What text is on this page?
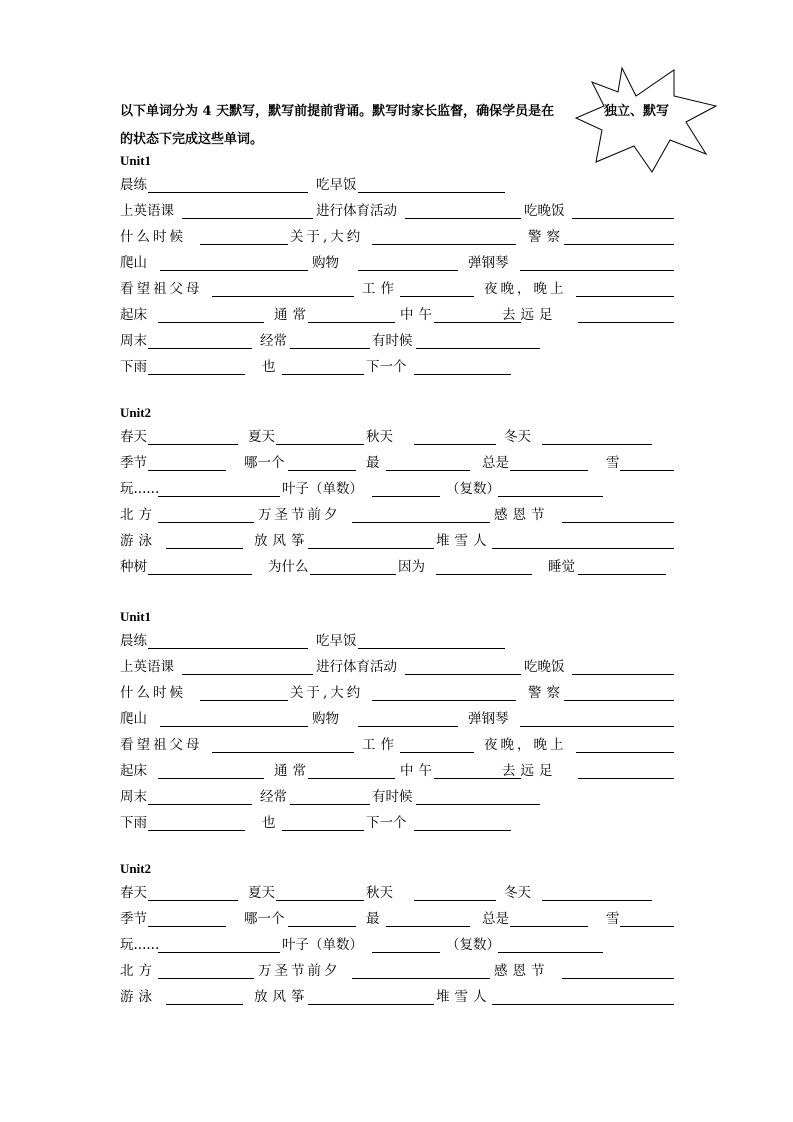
以下单词分为 4 天默写，默写前提前背诵。默写时家长监督，确保学员是在
的状态下完成这些单词。
独立、默写
Unit1
晨练	吃早饭
上英语课	进行体育活动	吃晚饭
什么时候	关于,大约	警察
爬山	购物	弹钢琴
看望祖父母	工作	夜晚，晚上
起床	通常	中午	去远足
周末	经常	有时候
下雨	也	下一个
Unit2
春天	夏天	秋天	冬天
季节	哪一个	最	总是	雪
玩......	叶子（单数）	（复数）
北方	万圣节前夕	感恩节
游泳	放风筝	堆雪人
种树	为什么	因为	睡觉
Unit1
晨练	吃早饭
上英语课	进行体育活动	吃晚饭
什么时候	关于,大约	警察
爬山	购物	弹钢琴
看望祖父母	工作	夜晚，晚上
起床	通常	中午	去远足
周末	经常	有时候
下雨	也	下一个
Unit2
春天	夏天	秋天	冬天
季节	哪一个	最	总是	雪
玩......	叶子（单数）	（复数）
北方	万圣节前夕	感恩节
游泳	放风筝	堆雪人
